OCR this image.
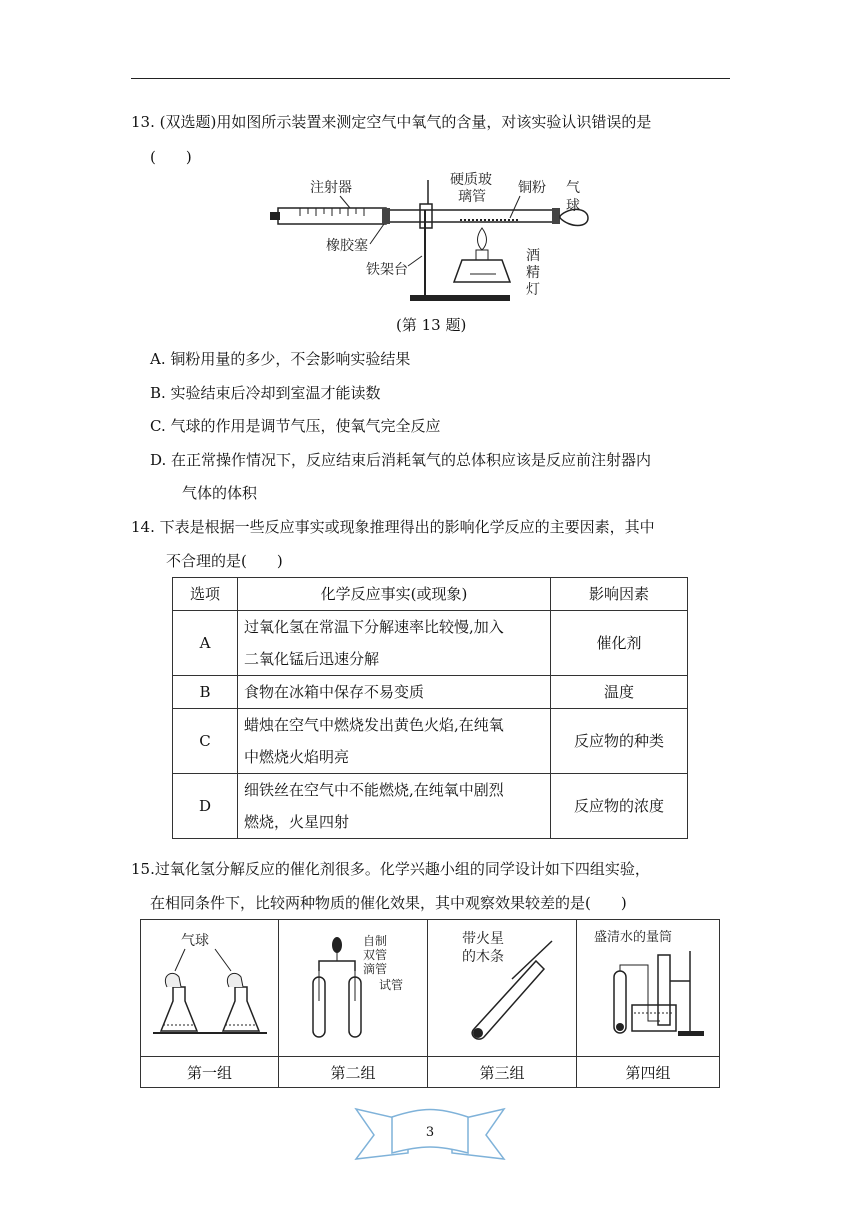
13. (双选题)用如图所示装置来测定空气中氧气的含量，对该实验认识错误的是
(　　)
注射器	硬质玻
璃管
铜粉 气
球
橡胶塞
铁架台
酒
精
灯
(第 13 题)
A. 铜粉用量的多少，不会影响实验结果
B. 实验结束后冷却到室温才能读数
C. 气球的作用是调节气压，使氧气完全反应
D. 在正常操作情况下，反应结束后消耗氧气的总体积应该是反应前注射器内
气体的体积
14. 下表是根据一些反应事实或现象推理得出的影响化学反应的主要因素，其中
不合理的是(　　)
选项	化学反应事实(或现象)	影响因素
A	过氧化氢在常温下分解速率比较慢,加入
二氧化锰后迅速分解	催化剂
B	食物在冰箱中保存不易变质	温度
C	蜡烛在空气中燃烧发出黄色火焰,在纯氧
中燃烧火焰明亮	反应物的种类
D	细铁丝在空气中不能燃烧,在纯氧中剧烈
燃烧，火星四射	反应物的浓度
15.过氧化氢分解反应的催化剂很多。化学兴趣小组的同学设计如下四组实验，
在相同条件下，比较两种物质的催化效果，其中观察效果较差的是(　　)
气球	自制
双管
滴管
试管	带火星
的木条	盛清水的量筒

第一组	第二组	第三组	第四组
3
